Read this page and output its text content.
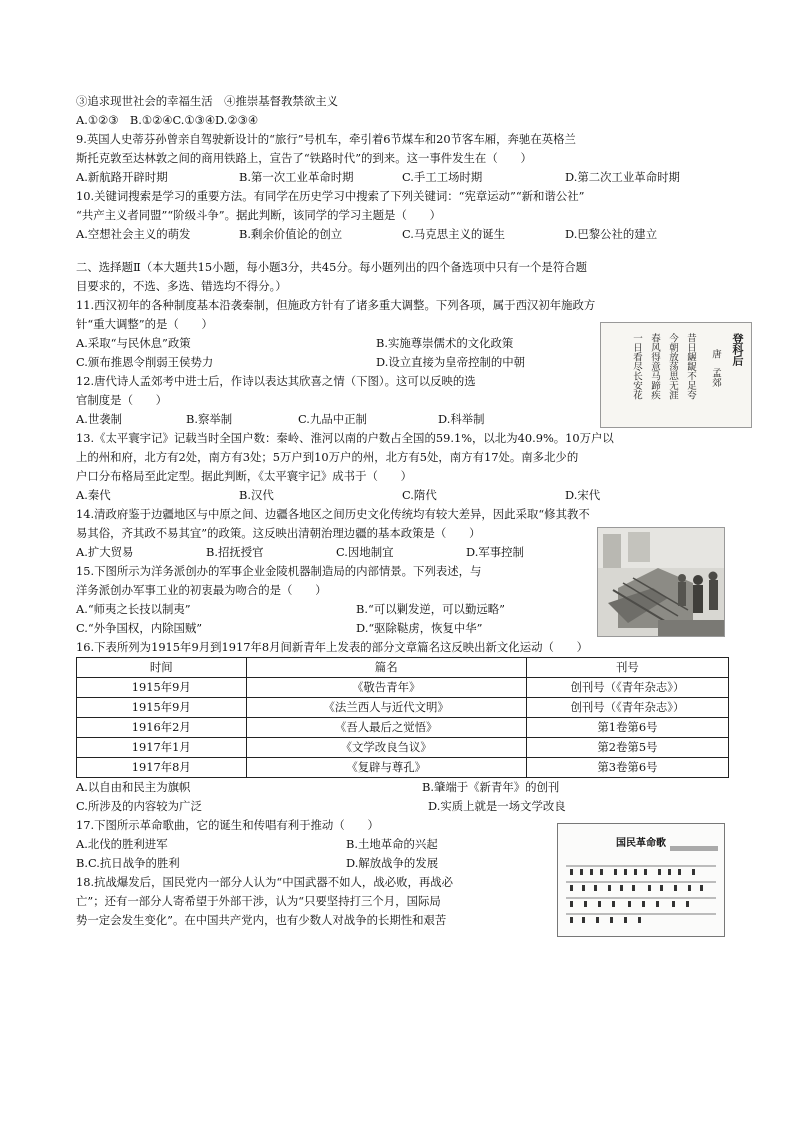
③追求现世社会的幸福生活　④推崇基督教禁欲主义
A.①②③　B.①②④C.①③④D.②③④
9.英国人史蒂芬孙曾亲自驾驶新设计的“旅行”号机车，牵引着6节煤车和20节客车厢，奔驰在英格兰
斯托克敦至达林敦之间的商用铁路上，宣告了“铁路时代”的到来。这一事件发生在（　　）
A.新航路开辟时期	B.第一次工业革命时期	C.手工工场时期	D.第二次工业革命时期
10.关键词搜索是学习的重要方法。有同学在历史学习中搜索了下列关键词：“宪章运动”“新和谐公社”
“共产主义者同盟”“阶级斗争”。据此判断，该同学的学习主题是（　　）
A.空想社会主义的萌发	B.剩余价值论的创立	C.马克思主义的诞生	D.巴黎公社的建立
二、选择题Ⅱ（本大题共15小题，每小题3分，共45分。每小题列出的四个备选项中只有一个是符合题
目要求的，不选、多选、错选均不得分。）
11.西汉初年的各种制度基本沿袭秦制，但施政方针有了诸多重大调整。下列各项，属于西汉初年施政方
针“重大调整”的是（　　）
A.采取“与民休息”政策	B.实施尊崇儒术的文化政策
C.颁布推恩令削弱王侯势力	D.设立直接为皇帝控制的中朝
12.唐代诗人孟郊考中进士后，作诗以表达其欣喜之情（下图）。这可以反映的选
官制度是（　　）
A.世袭制	B.察举制	C.九品中正制	D.科举制
13.《太平寰宇记》记载当时全国户数：秦岭、淮河以南的户数占全国的59.1%，以北为40.9%。10万户以
上的州和府，北方有2处，南方有3处；5万户到10万户的州，北方有5处，南方有17处。南多北少的
户口分布格局至此定型。据此判断，《太平寰宇记》成书于（　　）
A.秦代	B.汉代	C.隋代	D.宋代
14.清政府鉴于边疆地区与中原之间、边疆各地区之间历史文化传统均有较大差异，因此采取“修其教不
易其俗，齐其政不易其宜”的政策。这反映出清朝治理边疆的基本政策是（　　）
A.扩大贸易	B.招抚授官	C.因地制宜	D.军事控制
15.下图所示为洋务派创办的军事企业金陵机器制造局的内部情景。下列表述，与
洋务派创办军事工业的初衷最为吻合的是（　　）
A.“师夷之长技以制夷”	B.“可以剿发逆，可以勤远略”
C.“外争国权，内除国贼”	D.“驱除鞑虏，恢复中华”
16.下表所列为1915年9月到1917年8月间新青年上发表的部分文章篇名这反映出新文化运动（　　）
时间	篇名	刊号
1915年9月	《敬告青年》	创刊号（《青年杂志》）
1915年9月	《法兰西人与近代文明》	创刊号（《青年杂志》）
1916年2月	《吾人最后之觉悟》	第1卷第6号
1917年1月	《文学改良刍议》	第2卷第5号
1917年8月	《复辟与尊孔》	第3卷第6号
A.以自由和民主为旗帜	B.肇端于《新青年》的创刊
C.所涉及的内容较为广泛	D.实质上就是一场文学改良
17.下图所示革命歌曲，它的诞生和传唱有利于推动（　　）
A.北伐的胜利进军	B.土地革命的兴起
B.C.抗日战争的胜利	D.解放战争的发展
18.抗战爆发后，国民党内一部分人认为“中国武器不如人，战必败，再战必
亡”；还有一部分人寄希望于外部干涉，认为“只要坚持打三个月，国际局
势一定会发生变化”。在中国共产党内，也有少数人对战争的长期性和艰苦
登科后
唐　孟郊
昔日龌龊不足夸
今朝放荡思无涯
春风得意马蹄疾
一日看尽长安花
国民革命歌
